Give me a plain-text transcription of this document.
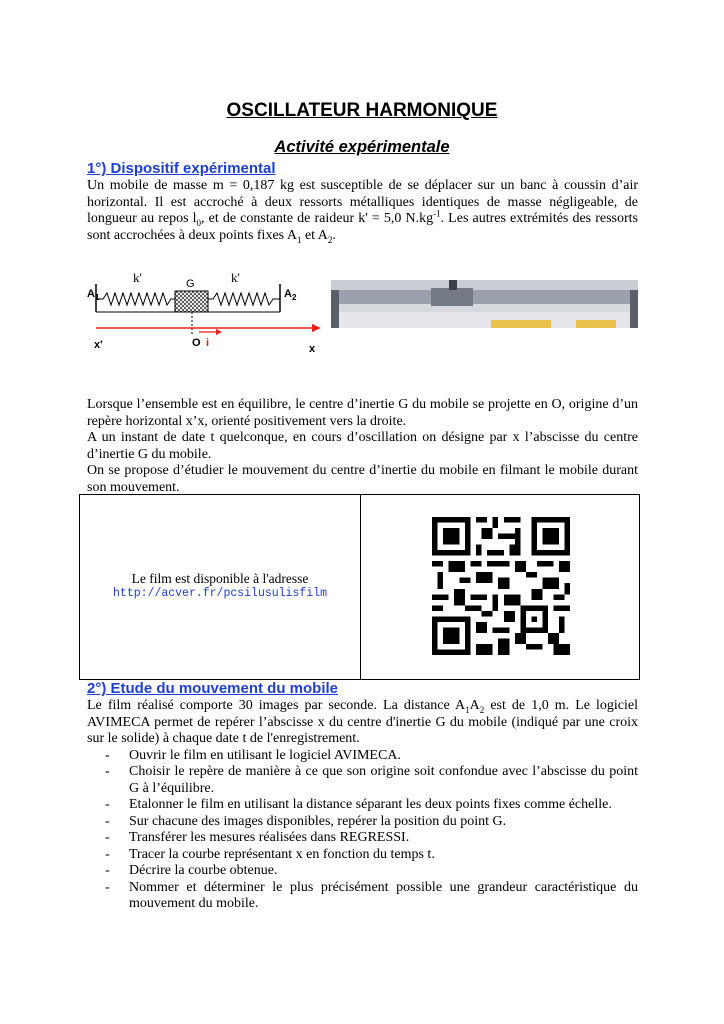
OSCILLATEUR HARMONIQUE
Activité expérimentale
1°) Dispositif expérimental

Un mobile de masse m = 0,187 kg est susceptible de se déplacer sur un banc à coussin d’air horizontal. Il est accroché à deux ressorts métalliques identiques de masse négligeable, de longueur au repos $l_0$, et de constante de raideur k' = 5,0 $N.kg^{-1}$. Les autres extrémités des ressorts sont accrochées à deux points fixes $A_1$ et $A_2$.

k'	k'
G
$A_1$	$A_2$
x'	O i	x

Lorsque l’ensemble est en équilibre, le centre d’inertie G du mobile se projette en O, origine d’un repère horizontal x’x, orienté positivement vers la droite.

A un instant de date t quelconque, en cours d’oscillation on désigne par x l’abscisse du centre d’inertie G du mobile.

On se propose d’étudier le mouvement du centre d’inertie du mobile en filmant le mobile durant son mouvement.

Le film est disponible à l'adresse
http://acver.fr/pcsilusulisfilm
2°) Etude du mouvement du mobile

Le film réalisé comporte 30 images par seconde. La distance $A_1A_2$ est de 1,0 m. Le logiciel AVIMECA permet de repérer l’abscisse x du centre d'inertie G du mobile (indiqué par une croix sur le solide) à chaque date t de l'enregistrement.

- Ouvrir le film en utilisant le logiciel AVIMECA.
- Choisir le repère de manière à ce que son origine soit confondue avec l’abscisse du point G à l’équilibre.
- Etalonner le film en utilisant la distance séparant les deux points fixes comme échelle.
- Sur chacune des images disponibles, repérer la position du point G.
- Transférer les mesures réalisées dans REGRESSI.
- Tracer la courbe représentant x en fonction du temps t.
- Décrire la courbe obtenue.
- Nommer et déterminer le plus précisément possible une grandeur caractéristique du mouvement du mobile.
